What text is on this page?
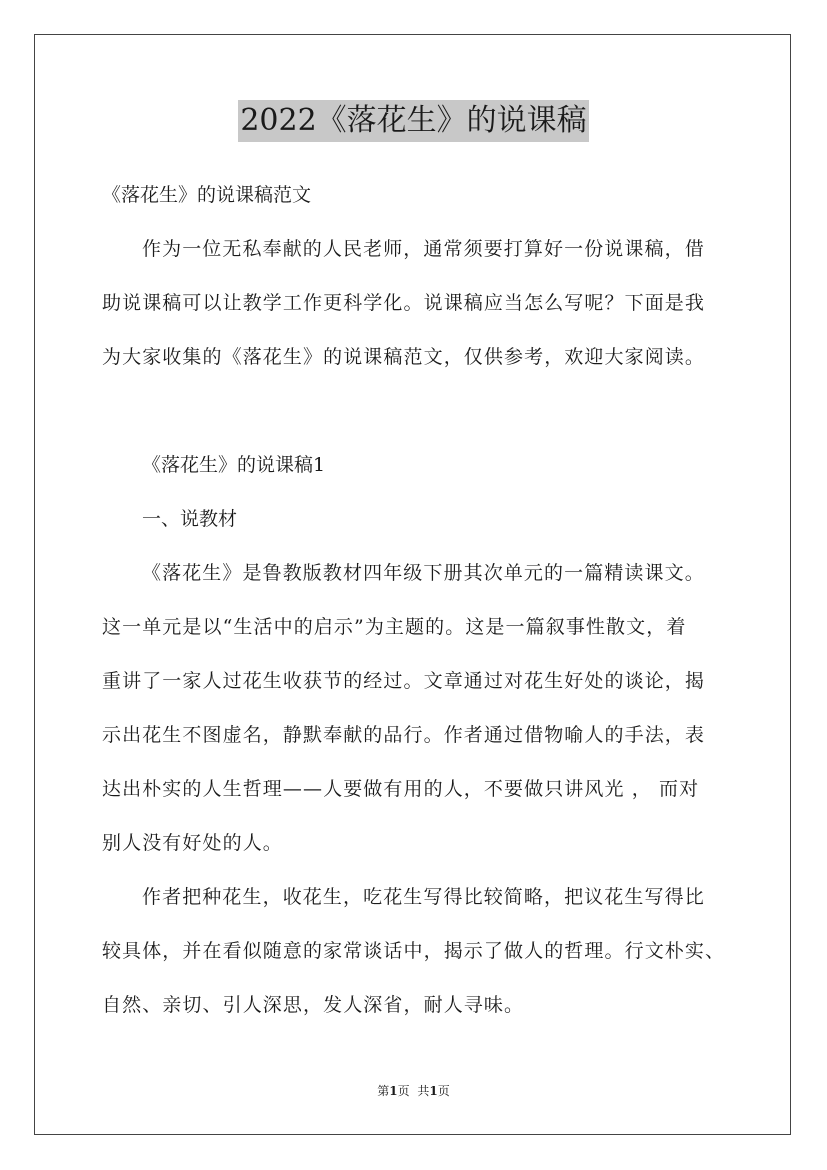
2022《落花生》的说课稿
《落花生》的说课稿范文
作为一位无私奉献的人民老师，通常须要打算好一份说课稿，借
助说课稿可以让教学工作更科学化。说课稿应当怎么写呢？下面是我
为大家收集的《落花生》的说课稿范文，仅供参考，欢迎大家阅读。
《落花生》的说课稿1
一、说教材
《落花生》是鲁教版教材四年级下册其次单元的一篇精读课文。
这一单元是以“生活中的启示”为主题的。这是一篇叙事性散文，着
重讲了一家人过花生收获节的经过。文章通过对花生好处的谈论，揭
示出花生不图虚名，静默奉献的品行。作者通过借物喻人的手法，表
达出朴实的人生哲理——人要做有用的人，不要做只讲风光 ， 而对
别人没有好处的人。
作者把种花生，收花生，吃花生写得比较简略，把议花生写得比
较具体，并在看似随意的家常谈话中，揭示了做人的哲理。行文朴实、
自然、亲切、引人深思，发人深省，耐人寻味。
第1页 共1页
